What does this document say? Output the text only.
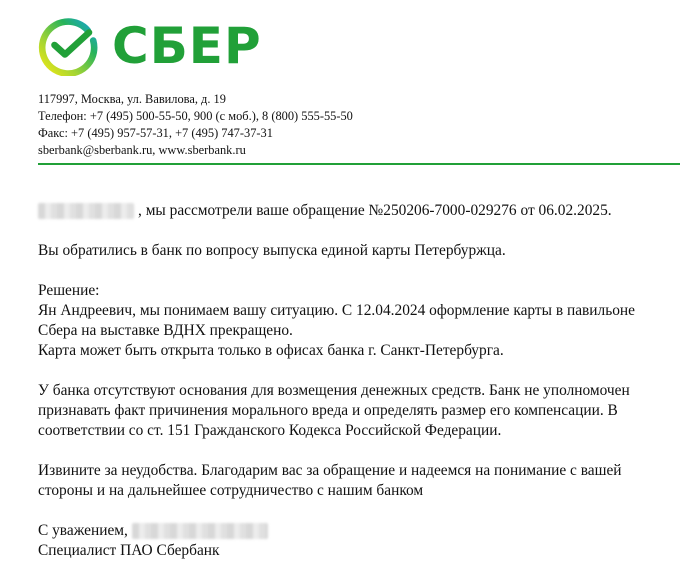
СБЕР
117997, Москва, ул. Вавилова, д. 19
Телефон: +7 (495) 500-55-50, 900 (с моб.), 8 (800) 555-55-50
Факс: +7 (495) 957-57-31, +7 (495) 747-37-31
sberbank@sberbank.ru, www.sberbank.ru
, мы рассмотрели ваше обращение №250206-7000-029276 от 06.02.2025.
Вы обратились в банк по вопросу выпуска единой карты Петербуржца.
Решение:
Ян Андреевич, мы понимаем вашу ситуацию. С 12.04.2024 оформление карты в павильоне
Сбера на выставке ВДНХ прекращено.
Карта может быть открыта только в офисах банка г. Санкт-Петербурга.
У банка отсутствуют основания для возмещения денежных средств. Банк не уполномочен
признавать факт причинения морального вреда и определять размер его компенсации. В
соответствии со ст. 151 Гражданского Кодекса Российской Федерации.
Извините за неудобства. Благодарим вас за обращение и надеемся на понимание с вашей
стороны и на дальнейшее сотрудничество с нашим банком
С уважением,
Специалист ПАО Сбербанк
